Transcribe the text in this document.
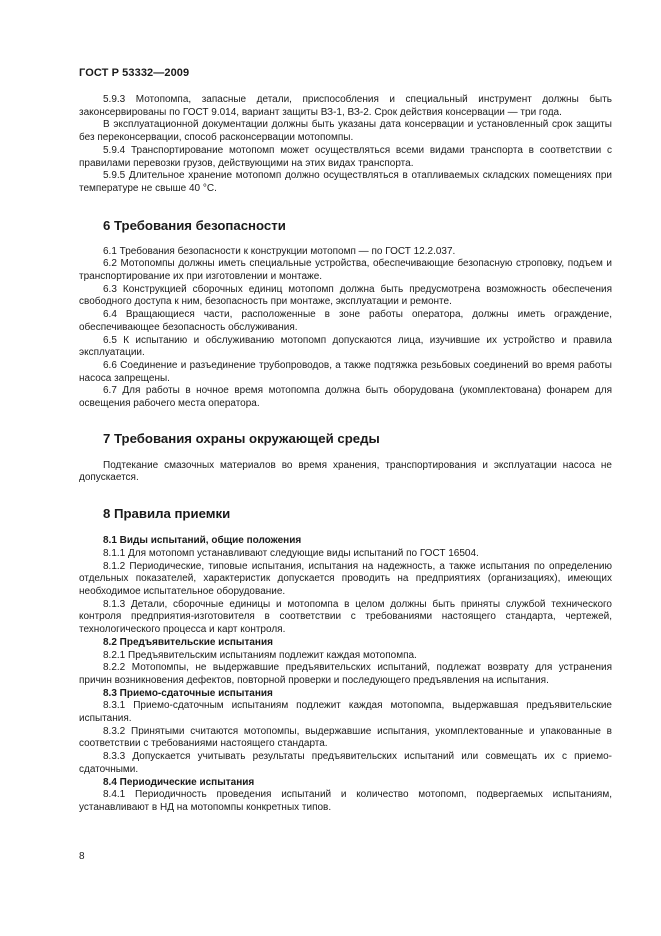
ГОСТ Р 53332—2009

5.9.3 Мотопомпа, запасные детали, приспособления и специальный инструмент должны быть законсервированы по ГОСТ 9.014, вариант защиты ВЗ-1, ВЗ-2. Срок действия консервации — три года.

В эксплуатационной документации должны быть указаны дата консервации и установленный срок защиты без переконсервации, способ расконсервации мотопомпы.

5.9.4 Транспортирование мотопомп может осуществляться всеми видами транспорта в соответствии с правилами перевозки грузов, действующими на этих видах транспорта.

5.9.5 Длительное хранение мотопомп должно осуществляться в отапливаемых складских помещениях при температуре не свыше 40 °С.

6 Требования безопасности

6.1 Требования безопасности к конструкции мотопомп — по ГОСТ 12.2.037.

6.2 Мотопомпы должны иметь специальные устройства, обеспечивающие безопасную строповку, подъем и транспортирование их при изготовлении и монтаже.

6.3 Конструкцией сборочных единиц мотопомп должна быть предусмотрена возможность обеспечения свободного доступа к ним, безопасность при монтаже, эксплуатации и ремонте.

6.4 Вращающиеся части, расположенные в зоне работы оператора, должны иметь ограждение, обеспечивающее безопасность обслуживания.

6.5 К испытанию и обслуживанию мотопомп допускаются лица, изучившие их устройство и правила эксплуатации.

6.6 Соединение и разъединение трубопроводов, а также подтяжка резьбовых соединений во время работы насоса запрещены.

6.7 Для работы в ночное время мотопомпа должна быть оборудована (укомплектована) фонарем для освещения рабочего места оператора.

7 Требования охраны окружающей среды

Подтекание смазочных материалов во время хранения, транспортирования и эксплуатации насоса не допускается.

8 Правила приемки
8.1 Виды испытаний, общие положения

8.1.1 Для мотопомп устанавливают следующие виды испытаний по ГОСТ 16504.

8.1.2 Периодические, типовые испытания, испытания на надежность, а также испытания по определению отдельных показателей, характеристик допускается проводить на предприятиях (организациях), имеющих необходимое испытательное оборудование.

8.1.3 Детали, сборочные единицы и мотопомпа в целом должны быть приняты службой технического контроля предприятия-изготовителя в соответствии с требованиями настоящего стандарта, чертежей, технологического процесса и карт контроля.

8.2 Предъявительские испытания

8.2.1 Предъявительским испытаниям подлежит каждая мотопомпа.

8.2.2 Мотопомпы, не выдержавшие предъявительских испытаний, подлежат возврату для устранения причин возникновения дефектов, повторной проверки и последующего предъявления на испытания.

8.3 Приемо-сдаточные испытания

8.3.1 Приемо-сдаточным испытаниям подлежит каждая мотопомпа, выдержавшая предъявительские испытания.

8.3.2 Принятыми считаются мотопомпы, выдержавшие испытания, укомплектованные и упакованные в соответствии с требованиями настоящего стандарта.

8.3.3 Допускается учитывать результаты предъявительских испытаний или совмещать их с приемо-сдаточными.

8.4 Периодические испытания

8.4.1 Периодичность проведения испытаний и количество мотопомп, подвергаемых испытаниям, устанавливают в НД на мотопомпы конкретных типов.

8
